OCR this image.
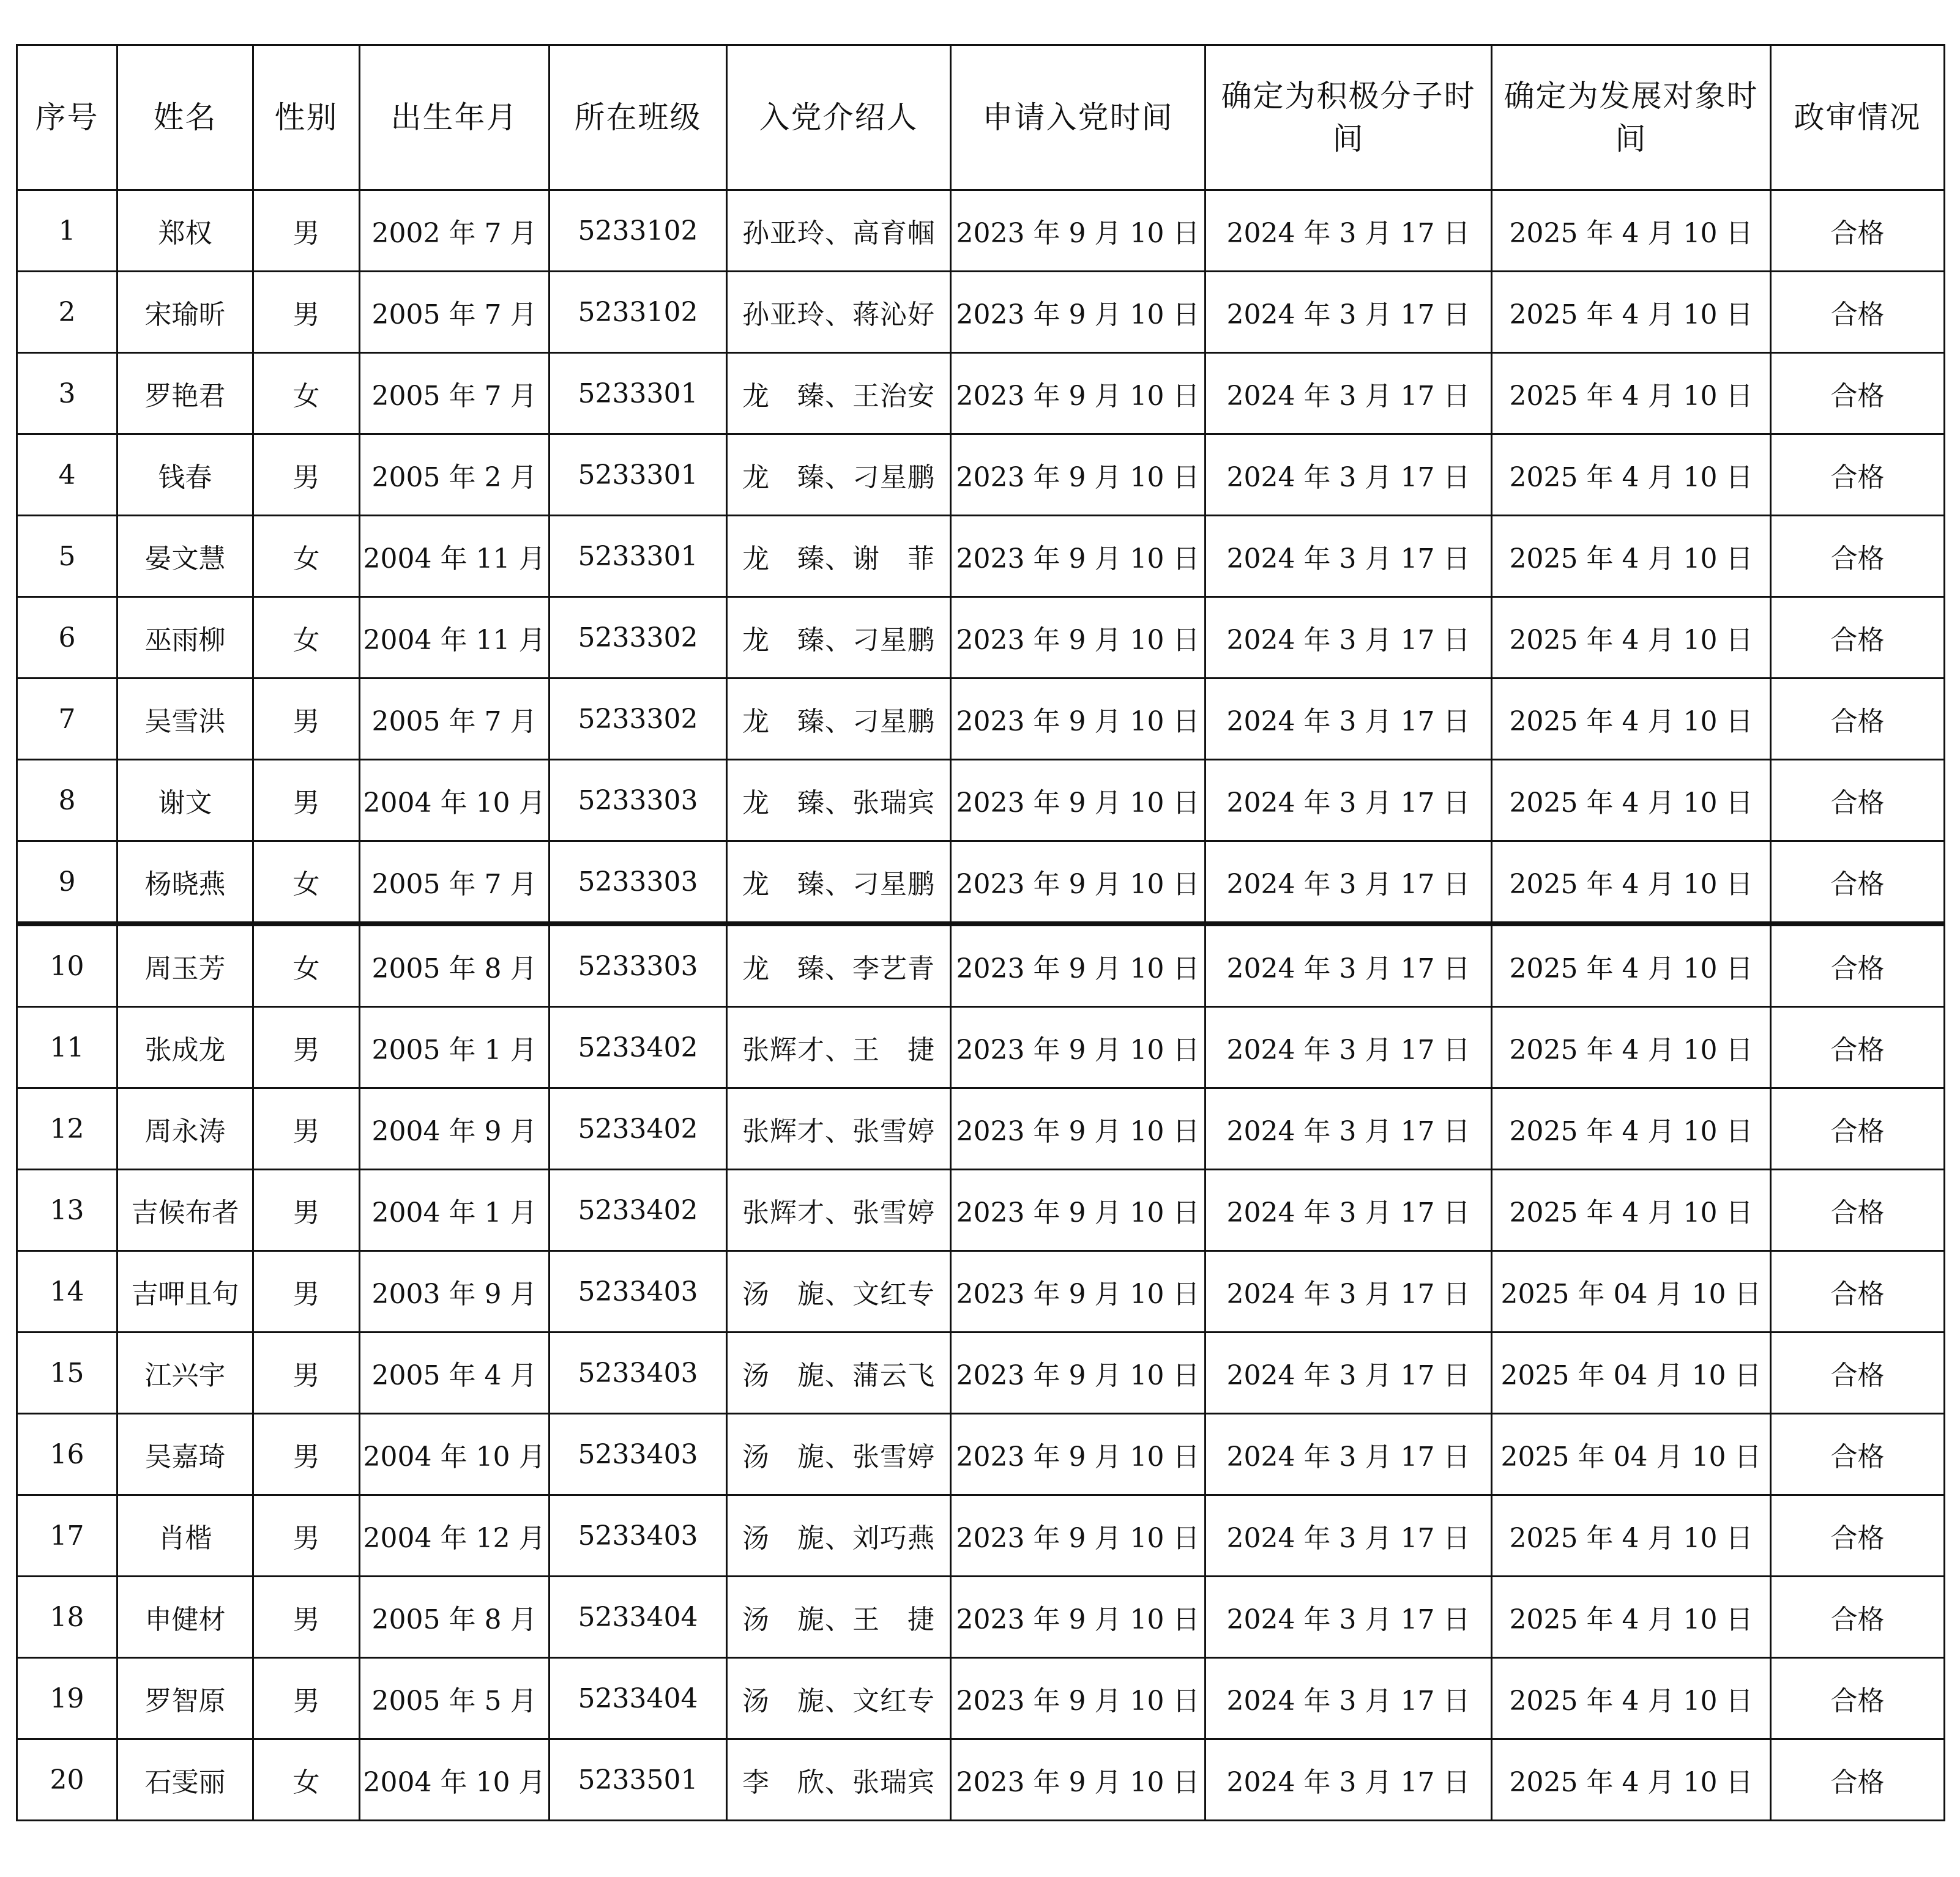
序号	姓名	性别	出生年月	所在班级	入党介绍人	申请入党时间	确定为积极分子时间	确定为发展对象时间	政审情况
1	郑权	男	2002 年 7 月	5233102	孙亚玲、高育帼	2023 年 9 月 10 日	2024 年 3 月 17 日	2025 年 4 月 10 日	合格
2	宋瑜昕	男	2005 年 7 月	5233102	孙亚玲、蒋沁好	2023 年 9 月 10 日	2024 年 3 月 17 日	2025 年 4 月 10 日	合格
3	罗艳君	女	2005 年 7 月	5233301	龙　臻、王治安	2023 年 9 月 10 日	2024 年 3 月 17 日	2025 年 4 月 10 日	合格
4	钱春	男	2005 年 2 月	5233301	龙　臻、刁星鹏	2023 年 9 月 10 日	2024 年 3 月 17 日	2025 年 4 月 10 日	合格
5	晏文慧	女	2004 年 11 月	5233301	龙　臻、谢　菲	2023 年 9 月 10 日	2024 年 3 月 17 日	2025 年 4 月 10 日	合格
6	巫雨柳	女	2004 年 11 月	5233302	龙　臻、刁星鹏	2023 年 9 月 10 日	2024 年 3 月 17 日	2025 年 4 月 10 日	合格
7	吴雪洪	男	2005 年 7 月	5233302	龙　臻、刁星鹏	2023 年 9 月 10 日	2024 年 3 月 17 日	2025 年 4 月 10 日	合格
8	谢文	男	2004 年 10 月	5233303	龙　臻、张瑞宾	2023 年 9 月 10 日	2024 年 3 月 17 日	2025 年 4 月 10 日	合格
9	杨晓燕	女	2005 年 7 月	5233303	龙　臻、刁星鹏	2023 年 9 月 10 日	2024 年 3 月 17 日	2025 年 4 月 10 日	合格
10	周玉芳	女	2005 年 8 月	5233303	龙　臻、李艺青	2023 年 9 月 10 日	2024 年 3 月 17 日	2025 年 4 月 10 日	合格
11	张成龙	男	2005 年 1 月	5233402	张辉才、王　捷	2023 年 9 月 10 日	2024 年 3 月 17 日	2025 年 4 月 10 日	合格
12	周永涛	男	2004 年 9 月	5233402	张辉才、张雪婷	2023 年 9 月 10 日	2024 年 3 月 17 日	2025 年 4 月 10 日	合格
13	吉候布者	男	2004 年 1 月	5233402	张辉才、张雪婷	2023 年 9 月 10 日	2024 年 3 月 17 日	2025 年 4 月 10 日	合格
14	吉呷且句	男	2003 年 9 月	5233403	汤　旎、文红专	2023 年 9 月 10 日	2024 年 3 月 17 日	2025 年 04 月 10 日	合格
15	江兴宇	男	2005 年 4 月	5233403	汤　旎、蒲云飞	2023 年 9 月 10 日	2024 年 3 月 17 日	2025 年 04 月 10 日	合格
16	吴嘉琦	男	2004 年 10 月	5233403	汤　旎、张雪婷	2023 年 9 月 10 日	2024 年 3 月 17 日	2025 年 04 月 10 日	合格
17	肖楷	男	2004 年 12 月	5233403	汤　旎、刘巧燕	2023 年 9 月 10 日	2024 年 3 月 17 日	2025 年 4 月 10 日	合格
18	申健材	男	2005 年 8 月	5233404	汤　旎、王　捷	2023 年 9 月 10 日	2024 年 3 月 17 日	2025 年 4 月 10 日	合格
19	罗智原	男	2005 年 5 月	5233404	汤　旎、文红专	2023 年 9 月 10 日	2024 年 3 月 17 日	2025 年 4 月 10 日	合格
20	石雯丽	女	2004 年 10 月	5233501	李　欣、张瑞宾	2023 年 9 月 10 日	2024 年 3 月 17 日	2025 年 4 月 10 日	合格
